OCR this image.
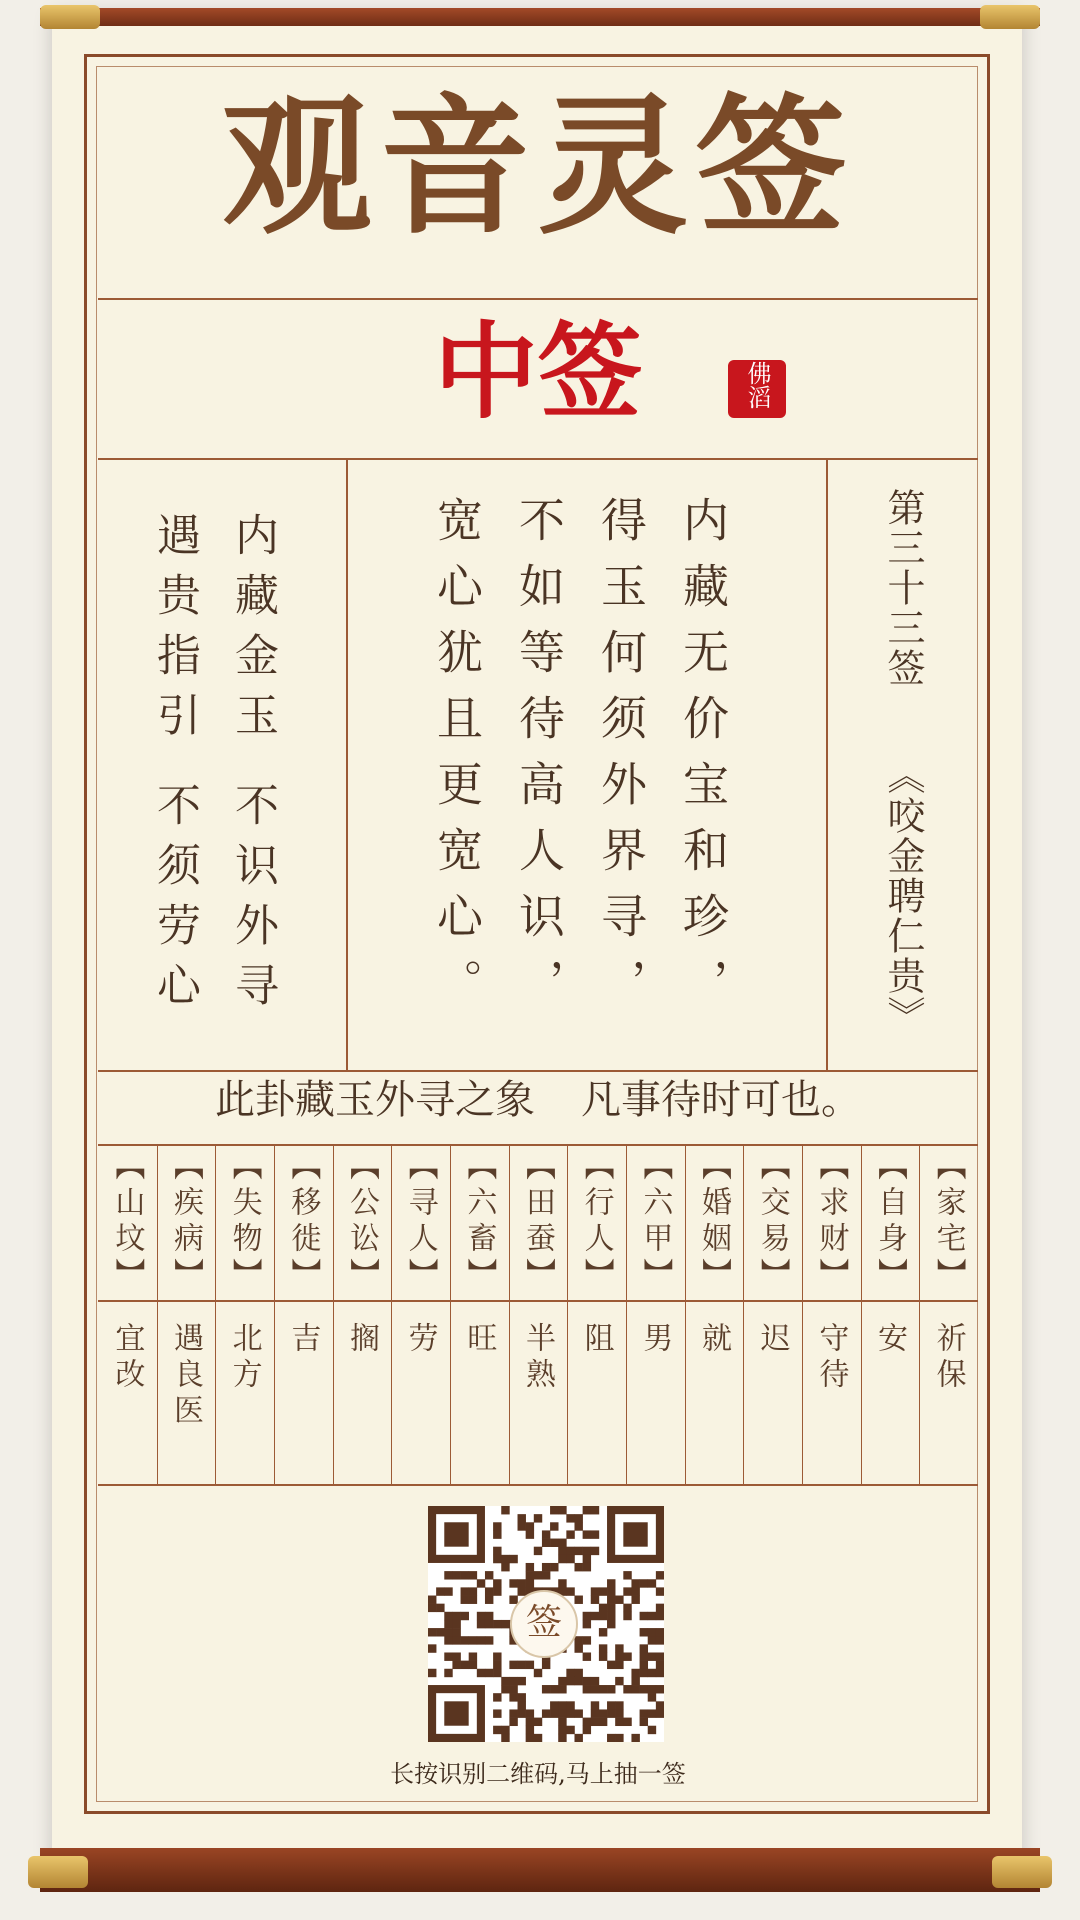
观音灵签
中签	佛滔
第三十三签
《咬金聘仁贵》
内藏无价宝和珍，
得玉何须外界寻，
不如等待高人识，
宽心犹且更宽心。
内藏金玉 不识外寻
遇贵指引 不须劳心
此卦藏玉外寻之象 凡事待时可也。
【家宅】
祈保
【自身】
安
【求财】
守待
【交易】
迟
【婚姻】
就
【六甲】
男
【行人】
阻
【田蚕】
半熟
【六畜】
旺
【寻人】
劳
【公讼】
搁
【移徙】
吉
【失物】
北方
【疾病】
遇良医
【山坟】
宜改
签
长按识别二维码,马上抽一签
